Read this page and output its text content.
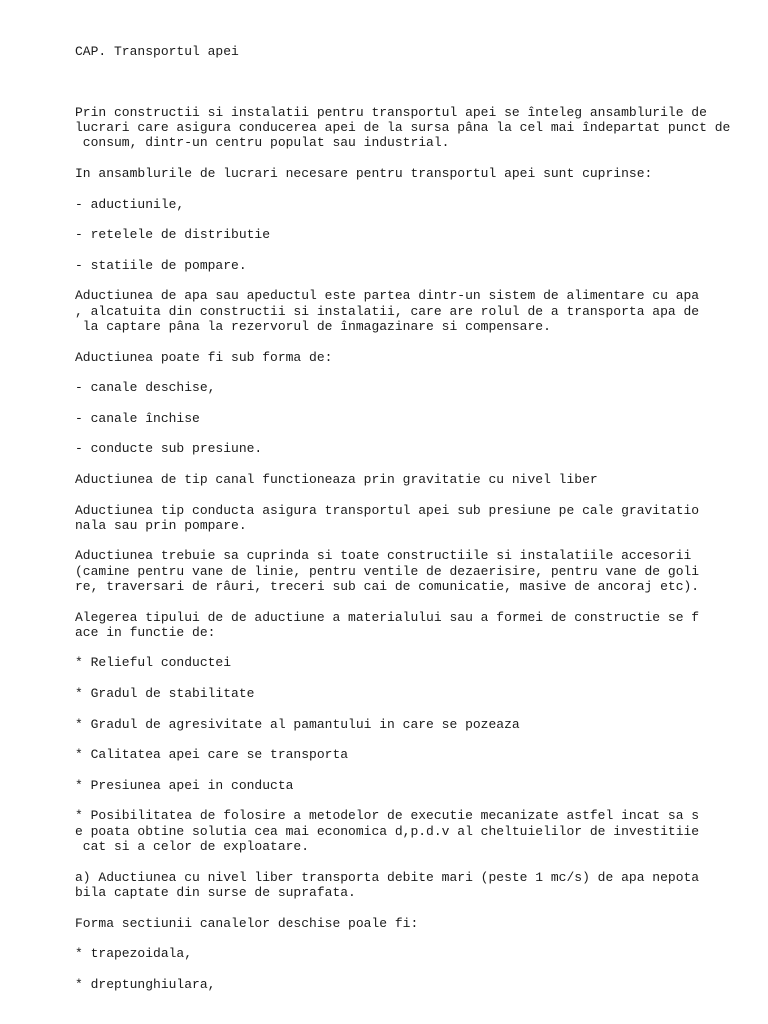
CAP. Transportul apei

Prin constructii si instalatii pentru transportul apei se înteleg ansamblurile de
lucrari care asigura conducerea apei de la sursa pâna la cel mai îndepartat punct de
consum, dintr-un centru populat sau industrial.
In ansamblurile de lucrari necesare pentru transportul apei sunt cuprinse:
- aductiunile,
- retelele de distributie
- statiile de pompare.
Aductiunea de apa sau apeductul este partea dintr-un sistem de alimentare cu apa
, alcatuita din constructii si instalatii, care are rolul de a transporta apa de
la captare pâna la rezervorul de înmagazinare si compensare.
Aductiunea poate fi sub forma de:
- canale deschise,
- canale închise
- conducte sub presiune.
Aductiunea de tip canal functioneaza prin gravitatie cu nivel liber
Aductiunea tip conducta asigura transportul apei sub presiune pe cale gravitatio
nala sau prin pompare.
Aductiunea trebuie sa cuprinda si toate constructiile si instalatiile accesorii
(camine pentru vane de linie, pentru ventile de dezaerisire, pentru vane de goli
re, traversari de râuri, treceri sub cai de comunicatie, masive de ancoraj etc).
Alegerea tipului de de aductiune a materialului sau a formei de constructie se f
ace in functie de:
* Relieful conductei
* Gradul de stabilitate
* Gradul de agresivitate al pamantului in care se pozeaza
* Calitatea apei care se transporta
* Presiunea apei in conducta
* Posibilitatea de folosire a metodelor de executie mecanizate astfel incat sa s
e poata obtine solutia cea mai economica d,p.d.v al cheltuielilor de investitiie
cat si a celor de exploatare.
a) Aductiunea cu nivel liber transporta debite mari (peste 1 mc/s) de apa nepota
bila captate din surse de suprafata.
Forma sectiunii canalelor deschise poale fi:
* trapezoidala,
* dreptunghiulara,
